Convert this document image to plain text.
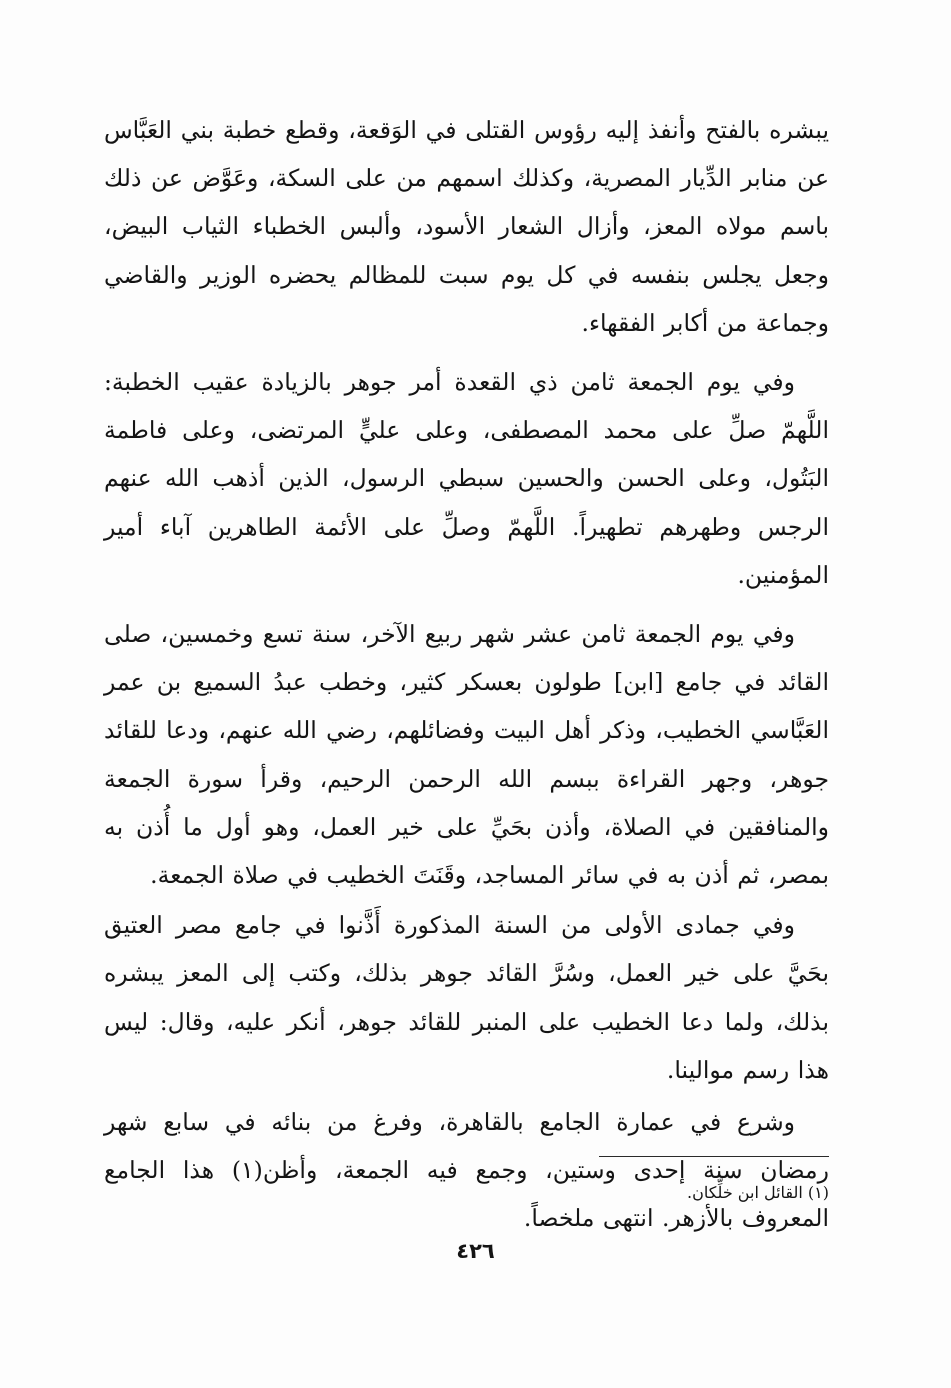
يبشره بالفتح وأنفذ إليه رؤوس القتلى في الوَقعة، وقطع خطبة بني العَبَّاس عن منابر الدِّيار المصرية، وكذلك اسمهم من على السكة، وعَوَّض عن ذلك باسم مولاه المعز، وأزال الشعار الأسود، وألبس الخطباء الثياب البيض، وجعل يجلس بنفسه في كل يوم سبت للمظالم يحضره الوزير والقاضي وجماعة من أكابر الفقهاء.

وفي يوم الجمعة ثامن ذي القعدة أمر جوهر بالزيادة عقيب الخطبة: اللَّهمّ صلِّ على محمد المصطفى، وعلى عليٍّ المرتضى، وعلى فاطمة البَتُول، وعلى الحسن والحسين سبطي الرسول، الذين أذهب الله عنهم الرجس وطهرهم تطهيراً. اللَّهمّ وصلِّ على الأئمة الطاهرين آباء أمير المؤمنين.

وفي يوم الجمعة ثامن عشر شهر ربيع الآخر، سنة تسع وخمسين، صلى القائد في جامع [ابن] طولون بعسكر كثير، وخطب عبدُ السميع بن عمر العَبَّاسي الخطيب، وذكر أهل البيت وفضائلهم، رضي الله عنهم، ودعا للقائد جوهر، وجهر القراءة ببسم الله الرحمن الرحيم، وقرأ سورة الجمعة والمنافقين في الصلاة، وأذن بحَيِّ على خير العمل، وهو أول ما أُذن به بمصر، ثم أذن به في سائر المساجد، وقَنَتَ الخطيب في صلاة الجمعة.

وفي جمادى الأولى من السنة المذكورة أَذَّنوا في جامع مصر العتيق بحَيَّ على خير العمل، وسُرَّ القائد جوهر بذلك، وكتب إلى المعز يبشره بذلك، ولما دعا الخطيب على المنبر للقائد جوهر، أنكر عليه، وقال: ليس هذا رسم موالينا.

وشرع في عمارة الجامع بالقاهرة، وفرغ من بنائه في سابع شهر رمضان سنة إحدى وستين، وجمع فيه الجمعة، وأظن(١) هذا الجامع المعروف بالأزهر. انتهى ملخصاً.

(١) القائل ابن خلِّكان.
٤٢٦
